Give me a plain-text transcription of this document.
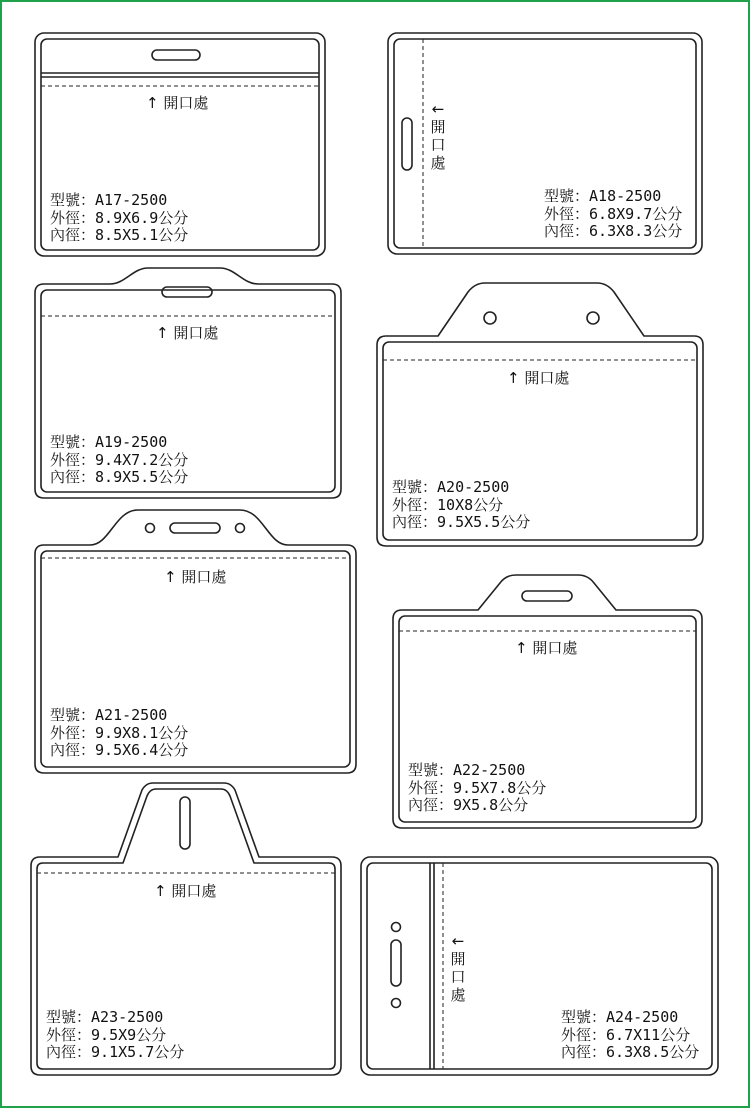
↑ 開口處
↑ 開口處
↑ 開口處
↑ 開口處
↑ 開口處
↑ 開口處
←
開
口
處
←
開
口
處
型號：A17-2500
外徑：8.9X6.9公分
內徑：8.5X5.1公分
型號：A18-2500
外徑：6.8X9.7公分
內徑：6.3X8.3公分
型號：A19-2500
外徑：9.4X7.2公分
內徑：8.9X5.5公分
型號：A20-2500
外徑：10X8公分
內徑：9.5X5.5公分
型號：A21-2500
外徑：9.9X8.1公分
內徑：9.5X6.4公分
型號：A22-2500
外徑：9.5X7.8公分
內徑：9X5.8公分
型號：A23-2500
外徑：9.5X9公分
內徑：9.1X5.7公分
型號：A24-2500
外徑：6.7X11公分
內徑：6.3X8.5公分
